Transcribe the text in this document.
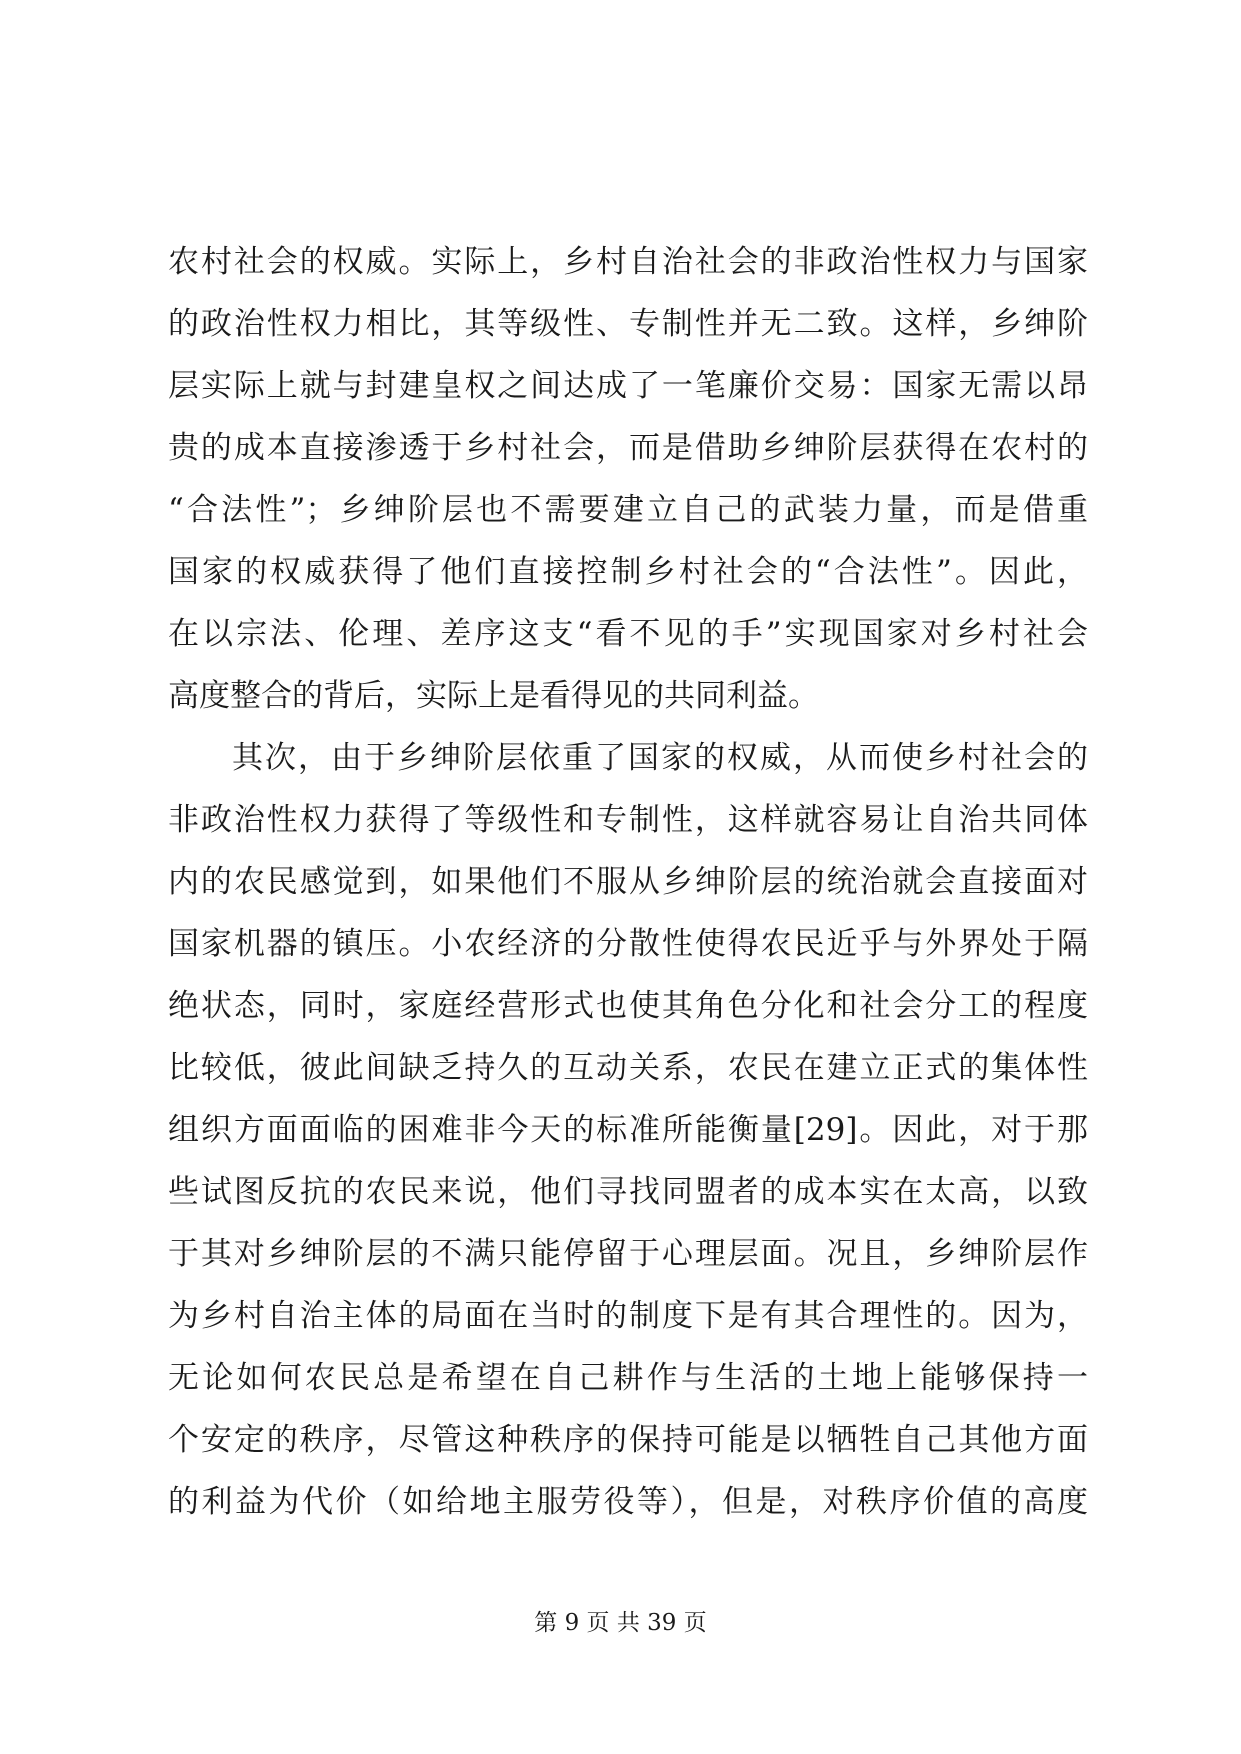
农村社会的权威。实际上，乡村自治社会的非政治性权力与国家
的政治性权力相比，其等级性、专制性并无二致。这样，乡绅阶
层实际上就与封建皇权之间达成了一笔廉价交易：国家无需以昂
贵的成本直接渗透于乡村社会，而是借助乡绅阶层获得在农村的
“合法性”；乡绅阶层也不需要建立自己的武装力量，而是借重
国家的权威获得了他们直接控制乡村社会的“合法性”。因此，
在以宗法、伦理、差序这支“看不见的手”实现国家对乡村社会
高度整合的背后，实际上是看得见的共同利益。
其次，由于乡绅阶层依重了国家的权威，从而使乡村社会的
非政治性权力获得了等级性和专制性，这样就容易让自治共同体
内的农民感觉到，如果他们不服从乡绅阶层的统治就会直接面对
国家机器的镇压。小农经济的分散性使得农民近乎与外界处于隔
绝状态，同时，家庭经营形式也使其角色分化和社会分工的程度
比较低，彼此间缺乏持久的互动关系，农民在建立正式的集体性
组织方面面临的困难非今天的标准所能衡量[29]。因此，对于那
些试图反抗的农民来说，他们寻找同盟者的成本实在太高，以致
于其对乡绅阶层的不满只能停留于心理层面。况且，乡绅阶层作
为乡村自治主体的局面在当时的制度下是有其合理性的。因为，
无论如何农民总是希望在自己耕作与生活的土地上能够保持一
个安定的秩序，尽管这种秩序的保持可能是以牺牲自己其他方面
的利益为代价（如给地主服劳役等），但是，对秩序价值的高度
第 9 页 共 39 页
